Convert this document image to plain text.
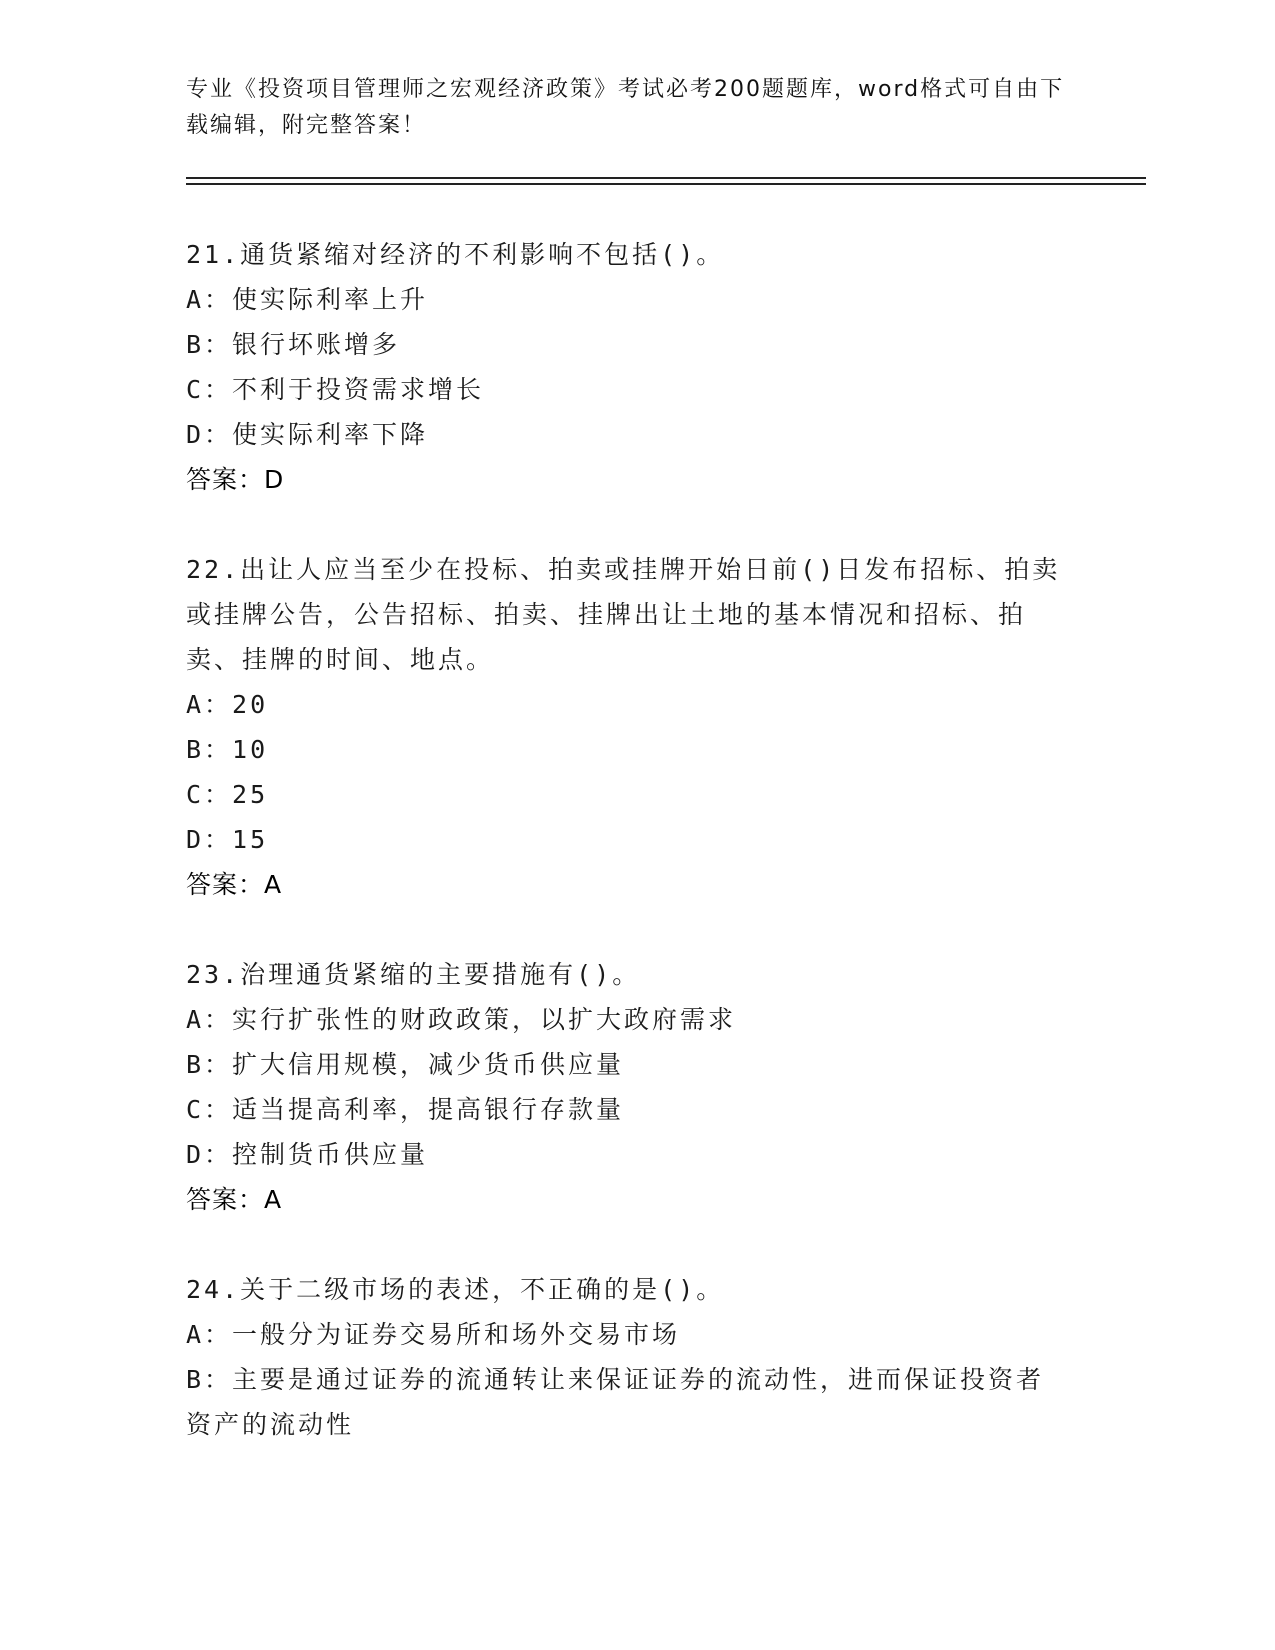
专业《投资项目管理师之宏观经济政策》考试必考200题题库，word格式可自由下载编辑，附完整答案！
21.通货紧缩对经济的不利影响不包括()。
A：使实际利率上升
B：银行坏账增多
C：不利于投资需求增长
D：使实际利率下降
答案：D
22.出让人应当至少在投标、拍卖或挂牌开始日前()日发布招标、拍卖或挂牌公告，公告招标、拍卖、挂牌出让土地的基本情况和招标、拍卖、挂牌的时间、地点。
A：20
B：10
C：25
D：15
答案：A
23.治理通货紧缩的主要措施有()。
A：实行扩张性的财政政策，以扩大政府需求
B：扩大信用规模，减少货币供应量
C：适当提高利率，提高银行存款量
D：控制货币供应量
答案：A
24.关于二级市场的表述，不正确的是()。
A：一般分为证券交易所和场外交易市场
B：主要是通过证券的流通转让来保证证券的流动性，进而保证投资者资产的流动性
